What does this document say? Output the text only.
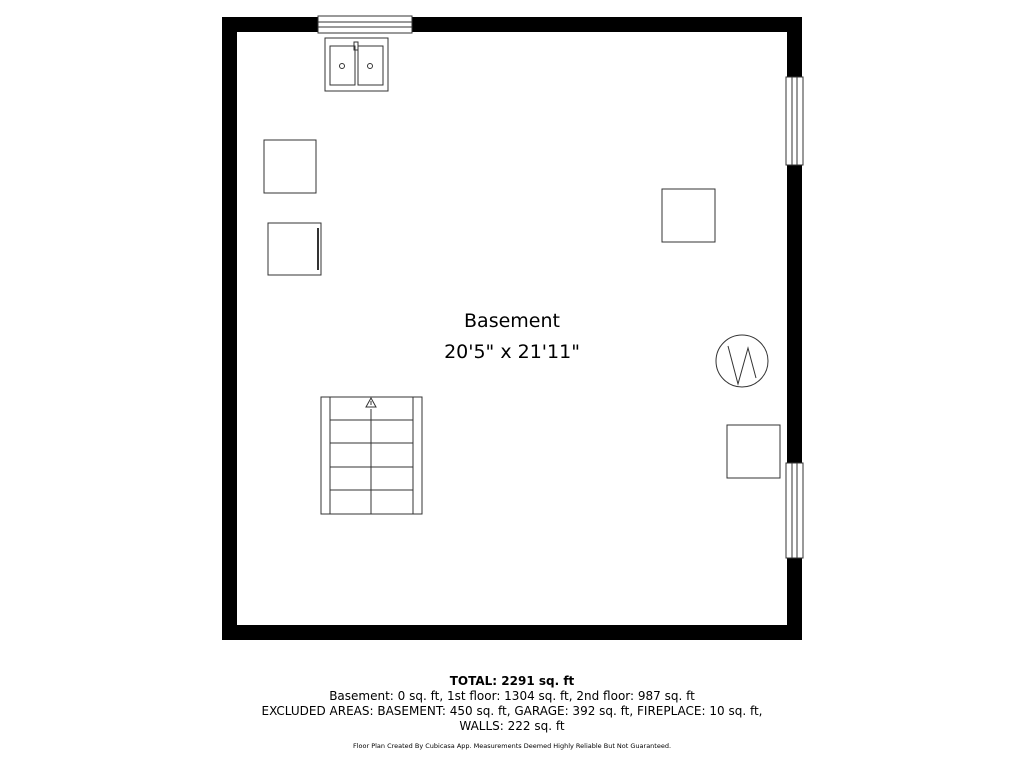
Basement
20'5" x 21'11"
TOTAL: 2291 sq. ft
Basement: 0 sq. ft, 1st floor: 1304 sq. ft, 2nd floor: 987 sq. ft
EXCLUDED AREAS: BASEMENT: 450 sq. ft, GARAGE: 392 sq. ft, FIREPLACE: 10 sq. ft,
WALLS: 222 sq. ft
Floor Plan Created By Cubicasa App. Measurements Deemed Highly Reliable But Not Guaranteed.
